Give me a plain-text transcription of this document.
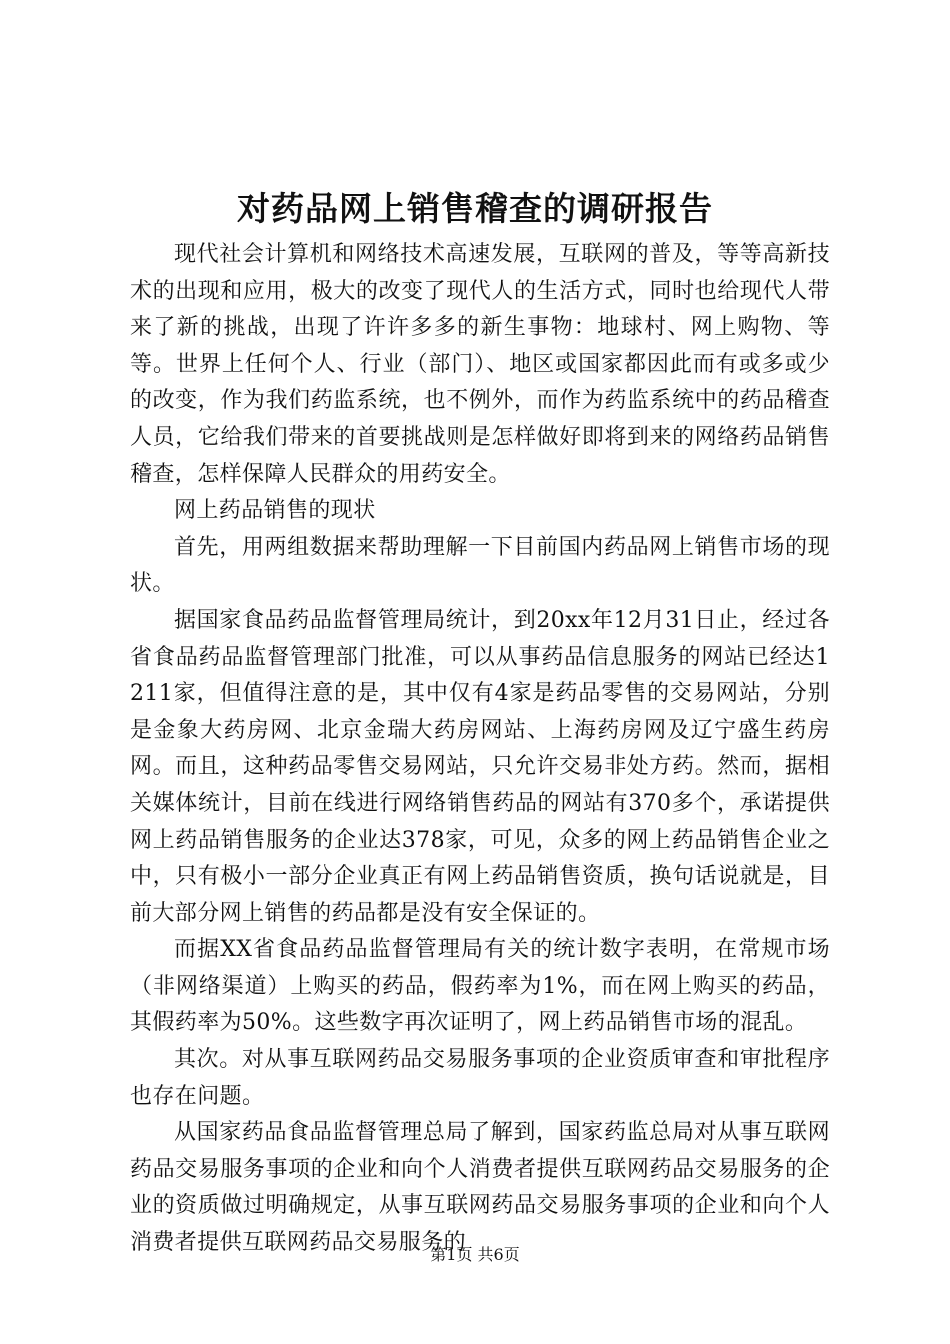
对药品网上销售稽查的调研报告

现代社会计算机和网络技术高速发展，互联网的普及，等等高新技术的出现和应用，极大的改变了现代人的生活方式，同时也给现代人带来了新的挑战，出现了许许多多的新生事物：地球村、网上购物、等等。世界上任何个人、行业（部门）、地区或国家都因此而有或多或少的改变，作为我们药监系统，也不例外，而作为药监系统中的药品稽查人员，它给我们带来的首要挑战则是怎样做好即将到来的网络药品销售稽查，怎样保障人民群众的用药安全。

网上药品销售的现状

首先，用两组数据来帮助理解一下目前国内药品网上销售市场的现状。

据国家食品药品监督管理局统计，到20xx年12月31日止，经过各省食品药品监督管理部门批准，可以从事药品信息服务的网站已经达1211家，但值得注意的是，其中仅有4家是药品零售的交易网站，分别是金象大药房网、北京金瑞大药房网站、上海药房网及辽宁盛生药房网。而且，这种药品零售交易网站，只允许交易非处方药。然而，据相关媒体统计，目前在线进行网络销售药品的网站有370多个，承诺提供网上药品销售服务的企业达378家，可见，众多的网上药品销售企业之中，只有极小一部分企业真正有网上药品销售资质，换句话说就是，目前大部分网上销售的药品都是没有安全保证的。

而据XX省食品药品监督管理局有关的统计数字表明，在常规市场（非网络渠道）上购买的药品，假药率为1%，而在网上购买的药品，其假药率为50%。这些数字再次证明了，网上药品销售市场的混乱。

其次。对从事互联网药品交易服务事项的企业资质审查和审批程序也存在问题。

从国家药品食品监督管理总局了解到，国家药监总局对从事互联网药品交易服务事项的企业和向个人消费者提供互联网药品交易服务的企业的资质做过明确规定，从事互联网药品交易服务事项的企业和向个人消费者提供互联网药品交易服务的

第1页 共6页
